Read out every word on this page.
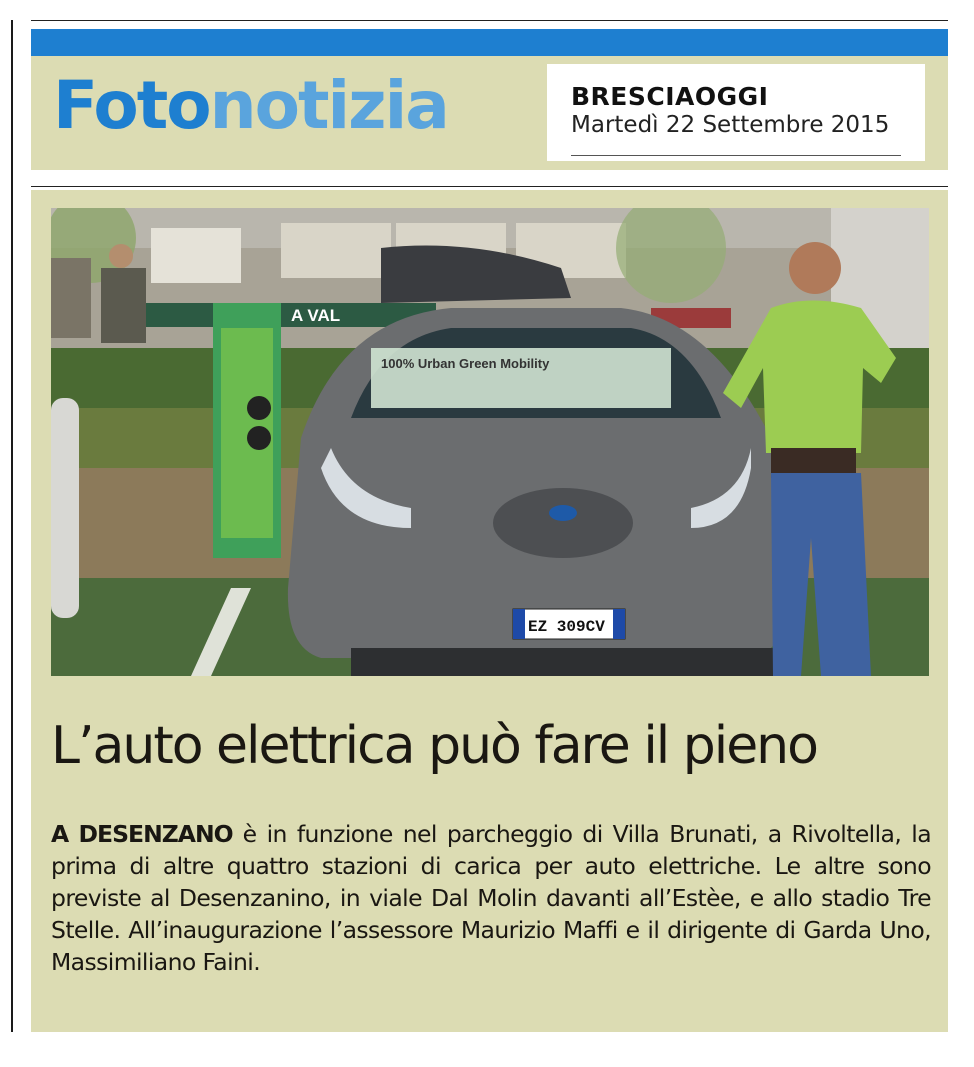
Fotonotizia	BRESCIAOGGI
Martedì 22 Settembre 2015
A VAL
100% Urban Green Mobility
EZ 309CV
L’auto elettrica può fare il pieno
A DESENZANO è in funzione nel parcheggio di Villa Brunati, a Rivoltella, la prima di altre quattro stazioni di carica per auto elettriche. Le altre sono previste al Desenzanino, in viale Dal Molin davanti all’Estèe, e allo stadio Tre Stelle. All’inaugurazione l’assessore Maurizio Maffi e il dirigente di Garda Uno, Massimiliano Faini.
